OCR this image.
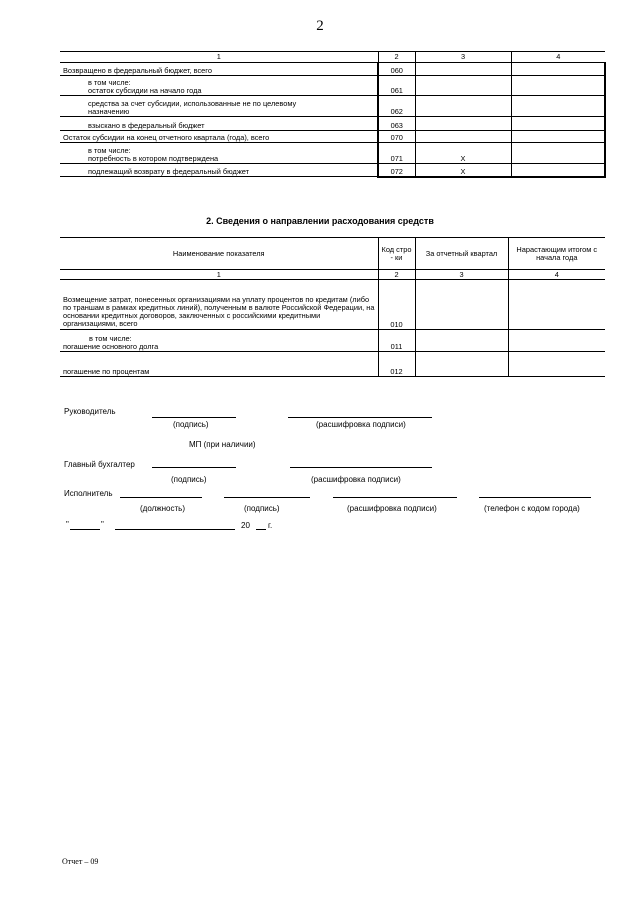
2
1	2	3	4
Возвращено в федеральный бюджет, всего	060		

в том числе:
остаток субсидии на начало года	061		

средства за счет субсидии, использованные не по целевому
назначению	062		
взыскано в федеральный бюджет	063		
Остаток субсидии на конец отчетного квартала (года), всего	070		

в том числе:
потребность в котором подтверждена	071	Х	
подлежащий возврату в федеральный бюджет	072	Х	
2. Сведения о направлении расходования средств
Наименование показателя	Код стро - ки	За отчетный квартал	Нарастающим итогом с начала года
1	2	3	4
Возмещение затрат, понесенных организациями на уплату процентов по кредитам (либо по траншам в рамках кредитных линий), полученным в валюте Российской Федерации, на основании кредитных договоров, заключенных с российскими кредитными организациями, всего	010		

в том числе:
погашение основного долга	011		
погашение по процентам	012		
Руководитель
(подпись)	(расшифровка подписи)
МП (при наличии)
Главный бухгалтер
(подпись)	(расшифровка подписи)
Исполнитель
(должность)	(подпись)	(расшифровка подписи)	(телефон с кодом города)
"	"	20 г.
Отчет – 09
